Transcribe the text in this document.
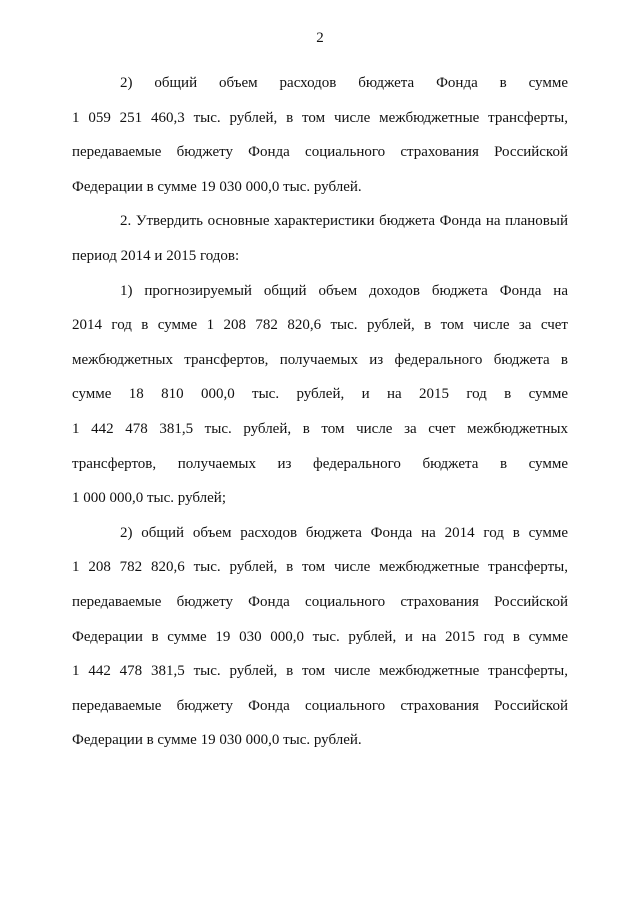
2

2) общий объем расходов бюджета Фонда в сумме

1 059 251 460,3 тыс. рублей, в том числе межбюджетные трансферты,

передаваемые бюджету Фонда социального страхования Российской

Федерации в сумме 19 030 000,0 тыс. рублей.

2. Утвердить основные характеристики бюджета Фонда на плановый

период 2014 и 2015 годов:

1) прогнозируемый общий объем доходов бюджета Фонда на

2014 год в сумме 1 208 782 820,6 тыс. рублей, в том числе за счет

межбюджетных трансфертов, получаемых из федерального бюджета в

сумме 18 810 000,0 тыс. рублей, и на 2015 год в сумме

1 442 478 381,5 тыс. рублей, в том числе за счет межбюджетных

трансфертов, получаемых из федерального бюджета в сумме

1 000 000,0 тыс. рублей;

2) общий объем расходов бюджета Фонда на 2014 год в сумме

1 208 782 820,6 тыс. рублей, в том числе межбюджетные трансферты,

передаваемые бюджету Фонда социального страхования Российской

Федерации в сумме 19 030 000,0 тыс. рублей, и на 2015 год в сумме

1 442 478 381,5 тыс. рублей, в том числе межбюджетные трансферты,

передаваемые бюджету Фонда социального страхования Российской

Федерации в сумме 19 030 000,0 тыс. рублей.
